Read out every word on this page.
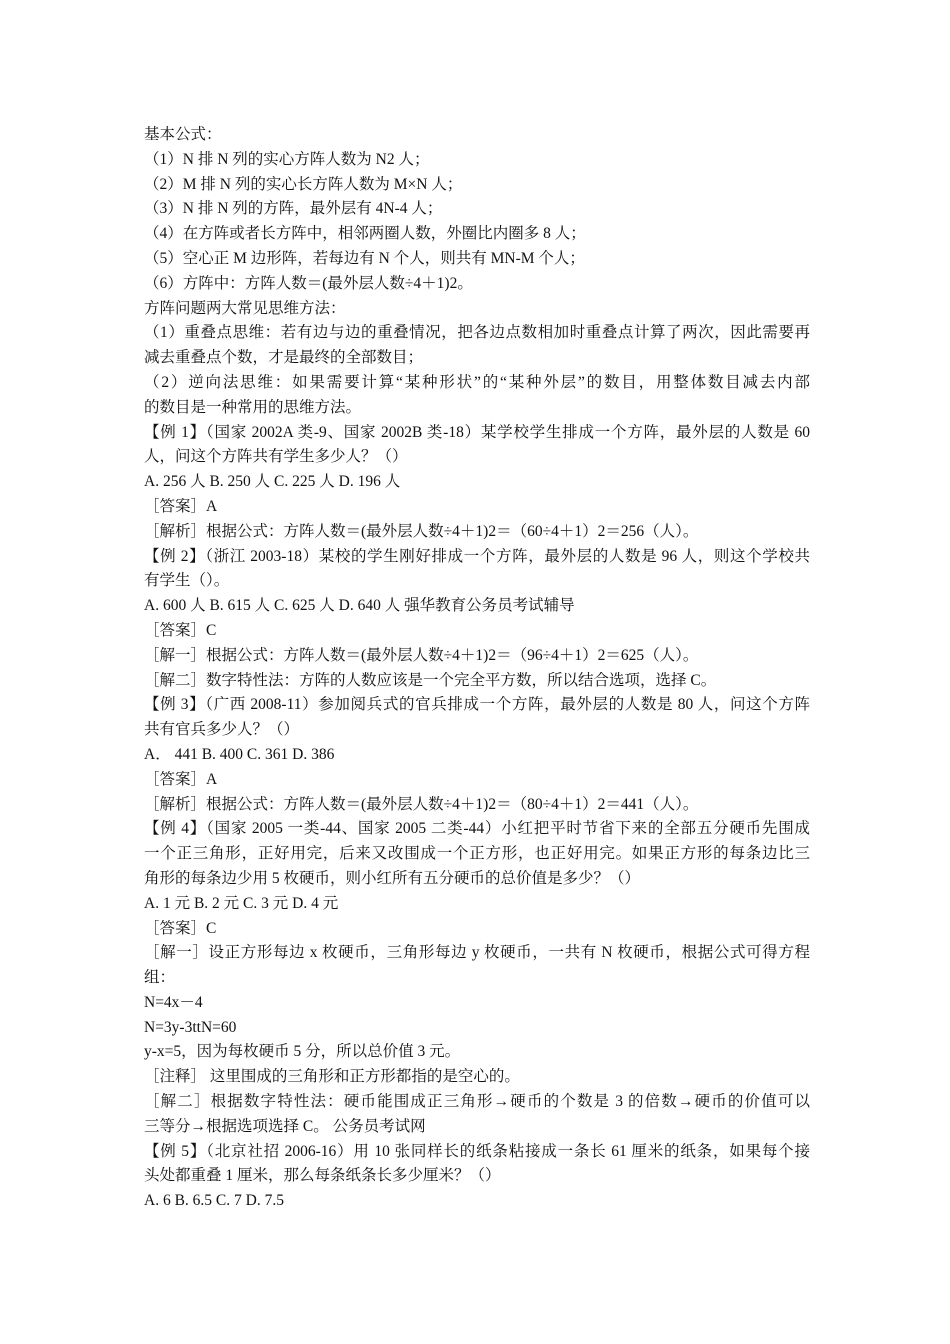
基本公式：
（1）N 排 N 列的实心方阵人数为 N2 人；
（2）M 排 N 列的实心长方阵人数为 M×N 人；
（3）N 排 N 列的方阵，最外层有 4N-4 人；
（4）在方阵或者长方阵中，相邻两圈人数，外圈比内圈多 8 人；
（5）空心正 M 边形阵，若每边有 N 个人，则共有 MN-M 个人；
（6）方阵中：方阵人数＝(最外层人数÷4＋1)2。
方阵问题两大常见思维方法：
（1）重叠点思维：若有边与边的重叠情况，把各边点数相加时重叠点计算了两次，因此需要再
减去重叠点个数，才是最终的全部数目；
（2）逆向法思维：如果需要计算“某种形状”的“某种外层”的数目，用整体数目减去内部
的数目是一种常用的思维方法。
【例 1】（国家 2002A 类-9、国家 2002B 类-18）某学校学生排成一个方阵，最外层的人数是 60
人，问这个方阵共有学生多少人？（）
A. 256 人 B. 250 人 C. 225 人 D. 196 人
［答案］A
［解析］根据公式：方阵人数＝(最外层人数÷4＋1)2＝（60÷4＋1）2＝256（人）。
【例 2】（浙江 2003-18）某校的学生刚好排成一个方阵，最外层的人数是 96 人，则这个学校共
有学生（）。
A. 600 人 B. 615 人 C. 625 人 D. 640 人 强华教育公务员考试辅导
［答案］C
［解一］根据公式：方阵人数＝(最外层人数÷4＋1)2＝（96÷4＋1）2＝625（人）。
［解二］数字特性法：方阵的人数应该是一个完全平方数，所以结合选项，选择 C。
【例 3】（广西 2008-11）参加阅兵式的官兵排成一个方阵，最外层的人数是 80 人，问这个方阵
共有官兵多少人？（）
A． 441 B. 400 C. 361 D. 386
［答案］A
［解析］根据公式：方阵人数＝(最外层人数÷4＋1)2＝（80÷4＋1）2＝441（人）。
【例 4】（国家 2005 一类-44、国家 2005 二类-44）小红把平时节省下来的全部五分硬币先围成
一个正三角形，正好用完，后来又改围成一个正方形，也正好用完。如果正方形的每条边比三
角形的每条边少用 5 枚硬币，则小红所有五分硬币的总价值是多少？（）
A. 1 元 B. 2 元 C. 3 元 D. 4 元
［答案］C
［解一］设正方形每边 x 枚硬币，三角形每边 y 枚硬币，一共有 N 枚硬币，根据公式可得方程
组：
N=4x－4
N=3y-3ttN=60
y-x=5，因为每枚硬币 5 分，所以总价值 3 元。
［注释］ 这里围成的三角形和正方形都指的是空心的。
［解二］根据数字特性法：硬币能围成正三角形→硬币的个数是 3 的倍数→硬币的价值可以
三等分→根据选项选择 C。 公务员考试网
【例 5】（北京社招 2006-16）用 10 张同样长的纸条粘接成一条长 61 厘米的纸条，如果每个接
头处都重叠 1 厘米，那么每条纸条长多少厘米？（）
A. 6 B. 6.5 C. 7 D. 7.5
